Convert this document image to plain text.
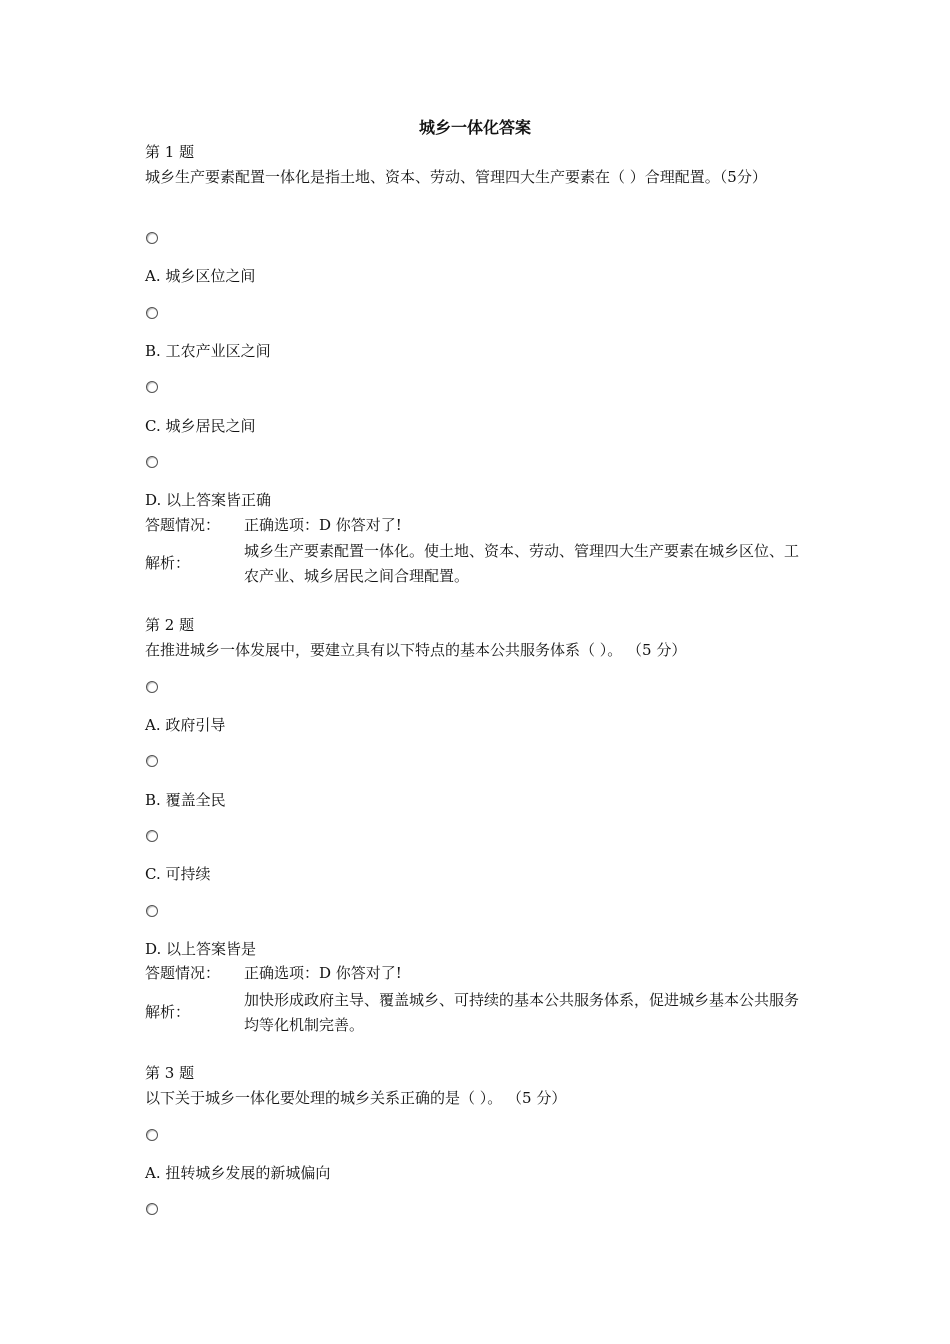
城乡一体化答案
第 1 题
城乡生产要素配置一体化是指土地、资本、劳动、管理四大生产要素在（ ）合理配置。（5分）
A. 城乡区位之间
B. 工农产业区之间
C. 城乡居民之间
D. 以上答案皆正确
答题情况： 正确选项：D 你答对了!
解析：
城乡生产要素配置一体化。使土地、资本、劳动、管理四大生产要素在城乡区位、工农产业、城乡居民之间合理配置。
第 2 题
在推进城乡一体发展中，要建立具有以下特点的基本公共服务体系（ ）。 （5 分）
A. 政府引导
B. 覆盖全民
C. 可持续
D. 以上答案皆是
答题情况： 正确选项：D 你答对了!
解析：
加快形成政府主导、覆盖城乡、可持续的基本公共服务体系，促进城乡基本公共服务均等化机制完善。
第 3 题
以下关于城乡一体化要处理的城乡关系正确的是（ ）。 （5 分）
A. 扭转城乡发展的新城偏向
